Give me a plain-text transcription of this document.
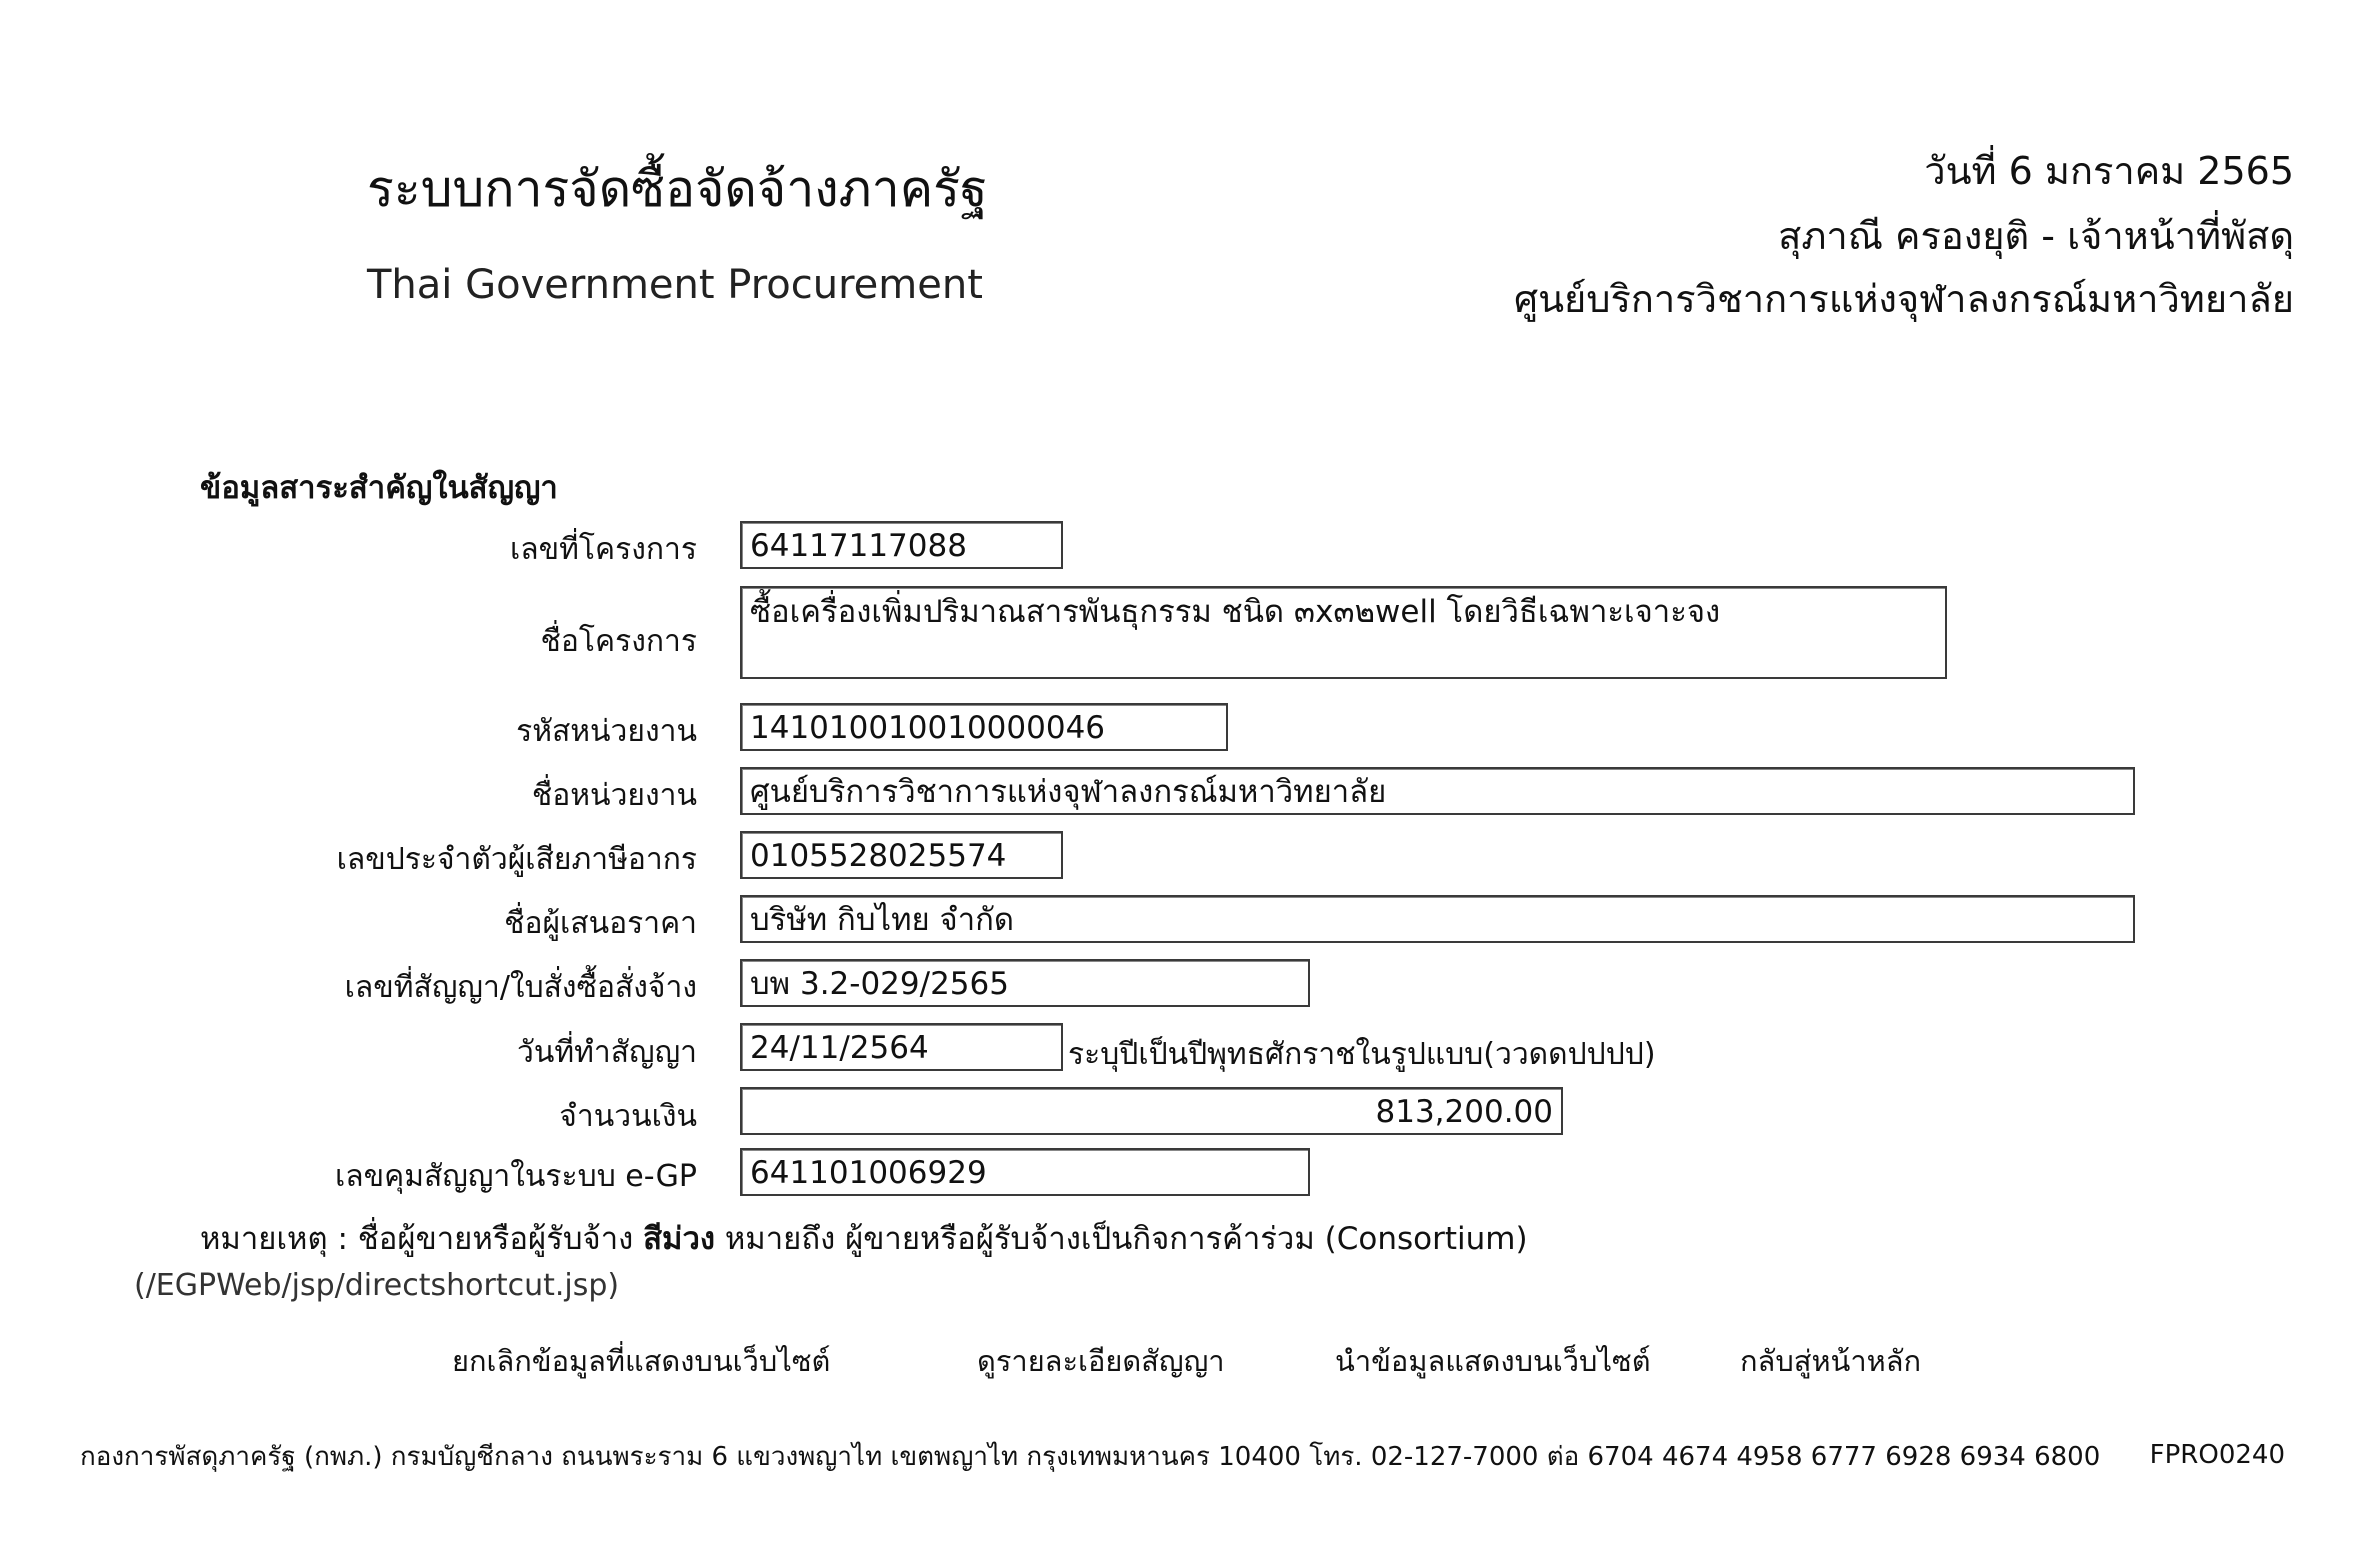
ระบบการจัดซื้อจัดจ้างภาครัฐ
Thai Government Procurement
วันที่ 6 มกราคม 2565
สุภาณี ครองยุติ - เจ้าหน้าที่พัสดุ
ศูนย์บริการวิชาการแห่งจุฬาลงกรณ์มหาวิทยาลัย
ข้อมูลสาระสำคัญในสัญญา
เลขที่โครงการ	64117117088
ชื่อโครงการ
ซื้อเครื่องเพิ่มปริมาณสารพันธุกรรม ชนิด ๓x๓๒well โดยวิธีเฉพาะเจาะจง
รหัสหน่วยงาน	141010010010000046
ชื่อหน่วยงาน	ศูนย์บริการวิชาการแห่งจุฬาลงกรณ์มหาวิทยาลัย
เลขประจำตัวผู้เสียภาษีอากร	0105528025574
ชื่อผู้เสนอราคา	บริษัท กิบไทย จำกัด
เลขที่สัญญา/ใบสั่งซื้อสั่งจ้าง	บพ 3.2-029/2565
วันที่ทำสัญญา	24/11/2564	ระบุปีเป็นปีพุทธศักราชในรูปแบบ(ววดดปปปป)
จำนวนเงิน	813,200.00
เลขคุมสัญญาในระบบ e-GP	641101006929
หมายเหตุ : ชื่อผู้ขายหรือผู้รับจ้าง สีม่วง หมายถึง ผู้ขายหรือผู้รับจ้างเป็นกิจการค้าร่วม (Consortium)
(/EGPWeb/jsp/directshortcut.jsp)
ยกเลิกข้อมูลที่แสดงบนเว็บไซต์	ดูรายละเอียดสัญญา	นำข้อมูลแสดงบนเว็บไซต์	กลับสู่หน้าหลัก
กองการพัสดุภาครัฐ (กพภ.) กรมบัญชีกลาง ถนนพระราม 6 แขวงพญาไท เขตพญาไท กรุงเทพมหานคร 10400 โทร. 02-127-7000 ต่อ 6704 4674 4958 6777 6928 6934 6800 FPRO0240
